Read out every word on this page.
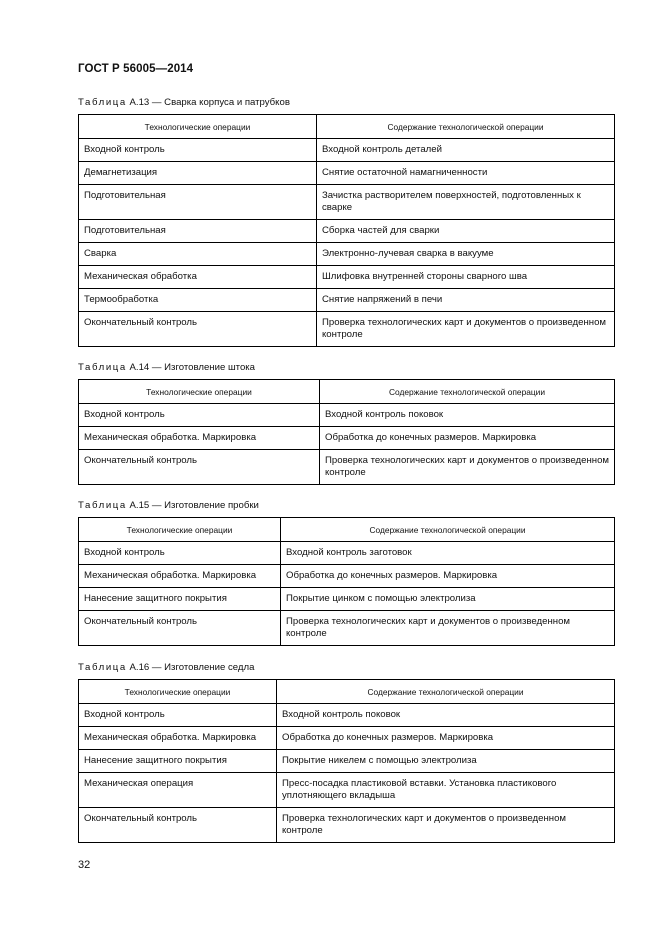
ГОСТ Р 56005—2014
Таблица А.13 — Сварка корпуса и патрубков
Технологические операции	Содержание технологической операции
Входной контроль	Входной контроль деталей
Демагнетизация	Снятие остаточной намагниченности
Подготовительная	Зачистка растворителем поверхностей, подготовленных к сварке
Подготовительная	Сборка частей для сварки
Сварка	Электронно-лучевая сварка в вакууме
Механическая обработка	Шлифовка внутренней стороны сварного шва
Термообработка	Снятие напряжений в печи
Окончательный контроль	Проверка технологических карт и документов о произведенном контроле
Таблица А.14 — Изготовление штока
Технологические операции	Содержание технологической операции
Входной контроль	Входной контроль поковок
Механическая обработка. Маркировка	Обработка до конечных размеров. Маркировка
Окончательный контроль	Проверка технологических карт и документов о произведенном контроле
Таблица А.15 — Изготовление пробки
Технологические операции	Содержание технологической операции
Входной контроль	Входной контроль заготовок
Механическая обработка. Маркировка	Обработка до конечных размеров. Маркировка
Нанесение защитного покрытия	Покрытие цинком с помощью электролиза
Окончательный контроль	Проверка технологических карт и документов о произведенном контроле
Таблица А.16 — Изготовление седла
Технологические операции	Содержание технологической операции
Входной контроль	Входной контроль поковок
Механическая обработка. Маркировка	Обработка до конечных размеров. Маркировка
Нанесение защитного покрытия	Покрытие никелем с помощью электролиза
Механическая операция	Пресс-посадка пластиковой вставки. Установка пластикового уплотняющего вкладыша
Окончательный контроль	Проверка технологических карт и документов о произведенном контроле
32
